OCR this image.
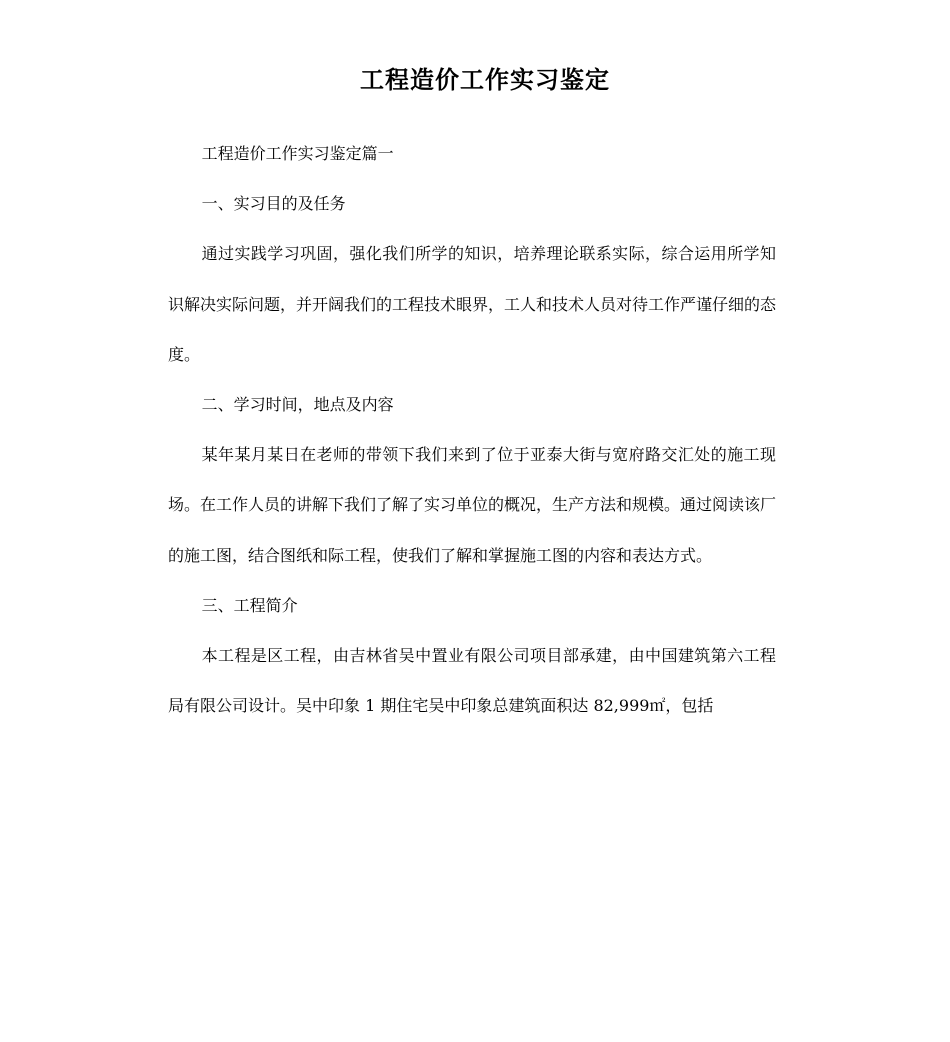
工程造价工作实习鉴定

工程造价工作实习鉴定篇一

一、实习目的及任务

通过实践学习巩固，强化我们所学的知识，培养理论联系实际，综合运用所学知识解决实际问题，并开阔我们的工程技术眼界，工人和技术人员对待工作严谨仔细的态度。

二、学习时间，地点及内容

某年某月某日在老师的带领下我们来到了位于亚泰大街与宽府路交汇处的施工现场。在工作人员的讲解下我们了解了实习单位的概况，生产方法和规模。通过阅读该厂的施工图，结合图纸和际工程，使我们了解和掌握施工图的内容和表达方式。

三、工程简介

本工程是区工程，由吉林省吴中置业有限公司项目部承建，由中国建筑第六工程局有限公司设计。吴中印象 1 期住宅吴中印象总建筑面积达 82,999㎡，包括
